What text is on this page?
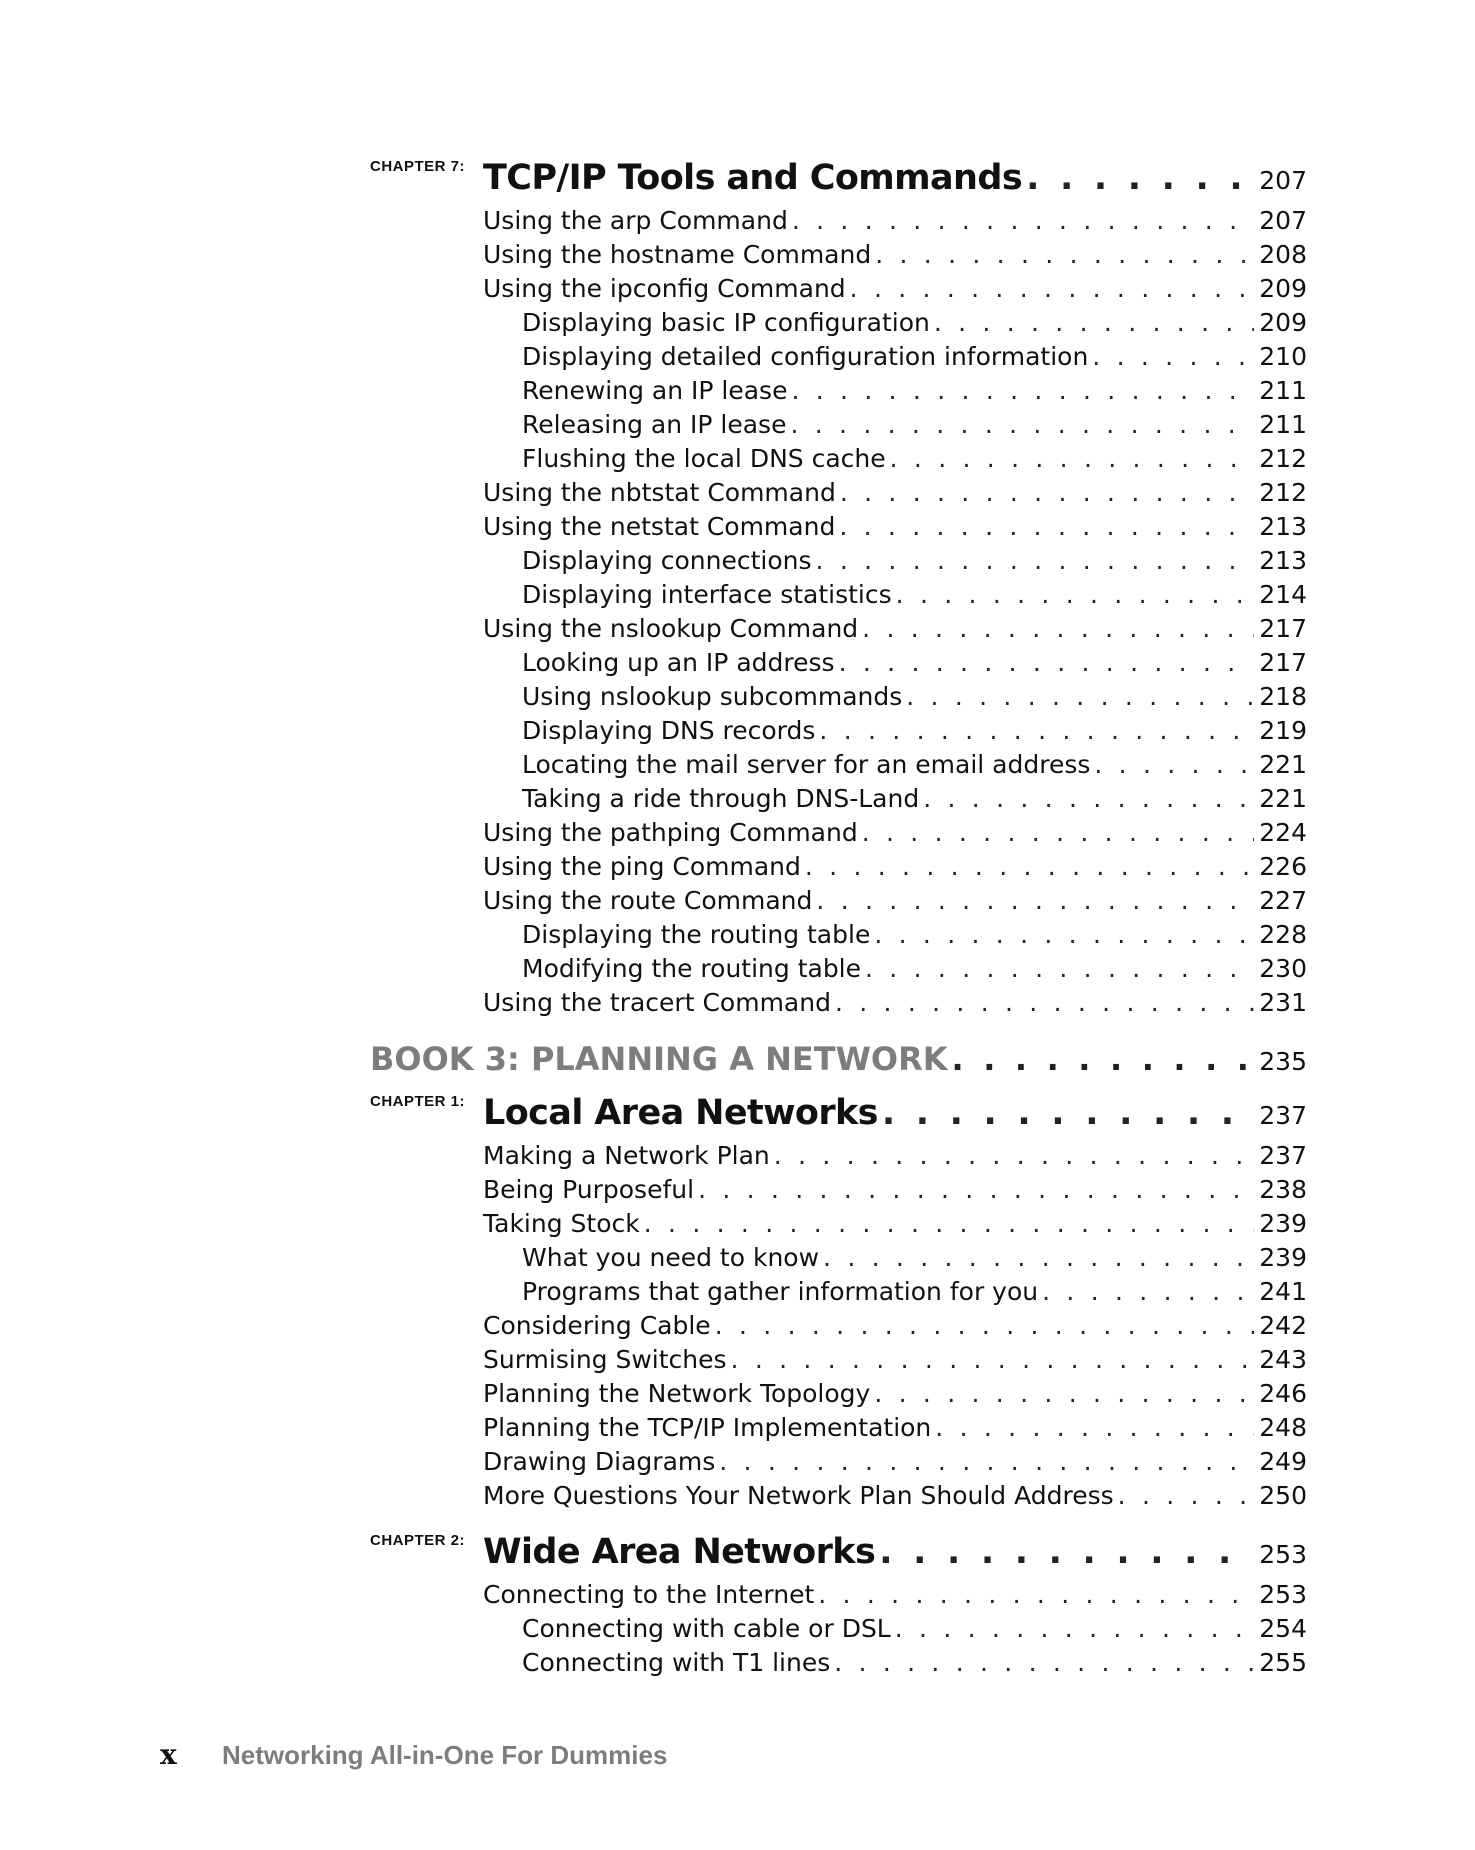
CHAPTER 7: TCP/IP Tools and Commands . . .	207
Using the arp Command . . .	207
Using the hostname Command . . .	208
Using the ipconfig Command . . .	209
Displaying basic IP configuration . . .	209
Displaying detailed configuration information . . .	210
Renewing an IP lease . . .	211
Releasing an IP lease . . .	211
Flushing the local DNS cache . . .	212
Using the nbtstat Command . . .	212
Using the netstat Command . . .	213
Displaying connections . . .	213
Displaying interface statistics . . .	214
Using the nslookup Command . . .	217
Looking up an IP address . . .	217
Using nslookup subcommands . . .	218
Displaying DNS records . . .	219
Locating the mail server for an email address . . .	221
Taking a ride through DNS-Land . . .	221
Using the pathping Command . . .	224
Using the ping Command . . .	226
Using the route Command . . .	227
Displaying the routing table . . .	228
Modifying the routing table . . .	230
Using the tracert Command . . .	231
BOOK 3: PLANNING A NETWORK . . .	235
CHAPTER 1: Local Area Networks . . .	237
Making a Network Plan . . .	237
Being Purposeful . . .	238
Taking Stock . . .	239
What you need to know . . .	239
Programs that gather information for you . . .	241
Considering Cable . . .	242
Surmising Switches . . .	243
Planning the Network Topology . . .	246
Planning the TCP/IP Implementation . . .	248
Drawing Diagrams . . .	249
More Questions Your Network Plan Should Address . . .	250
CHAPTER 2: Wide Area Networks . . .	253
Connecting to the Internet . . .	253
Connecting with cable or DSL . . .	254
Connecting with T1 lines . . .	255
x	Networking All-in-One For Dummies
